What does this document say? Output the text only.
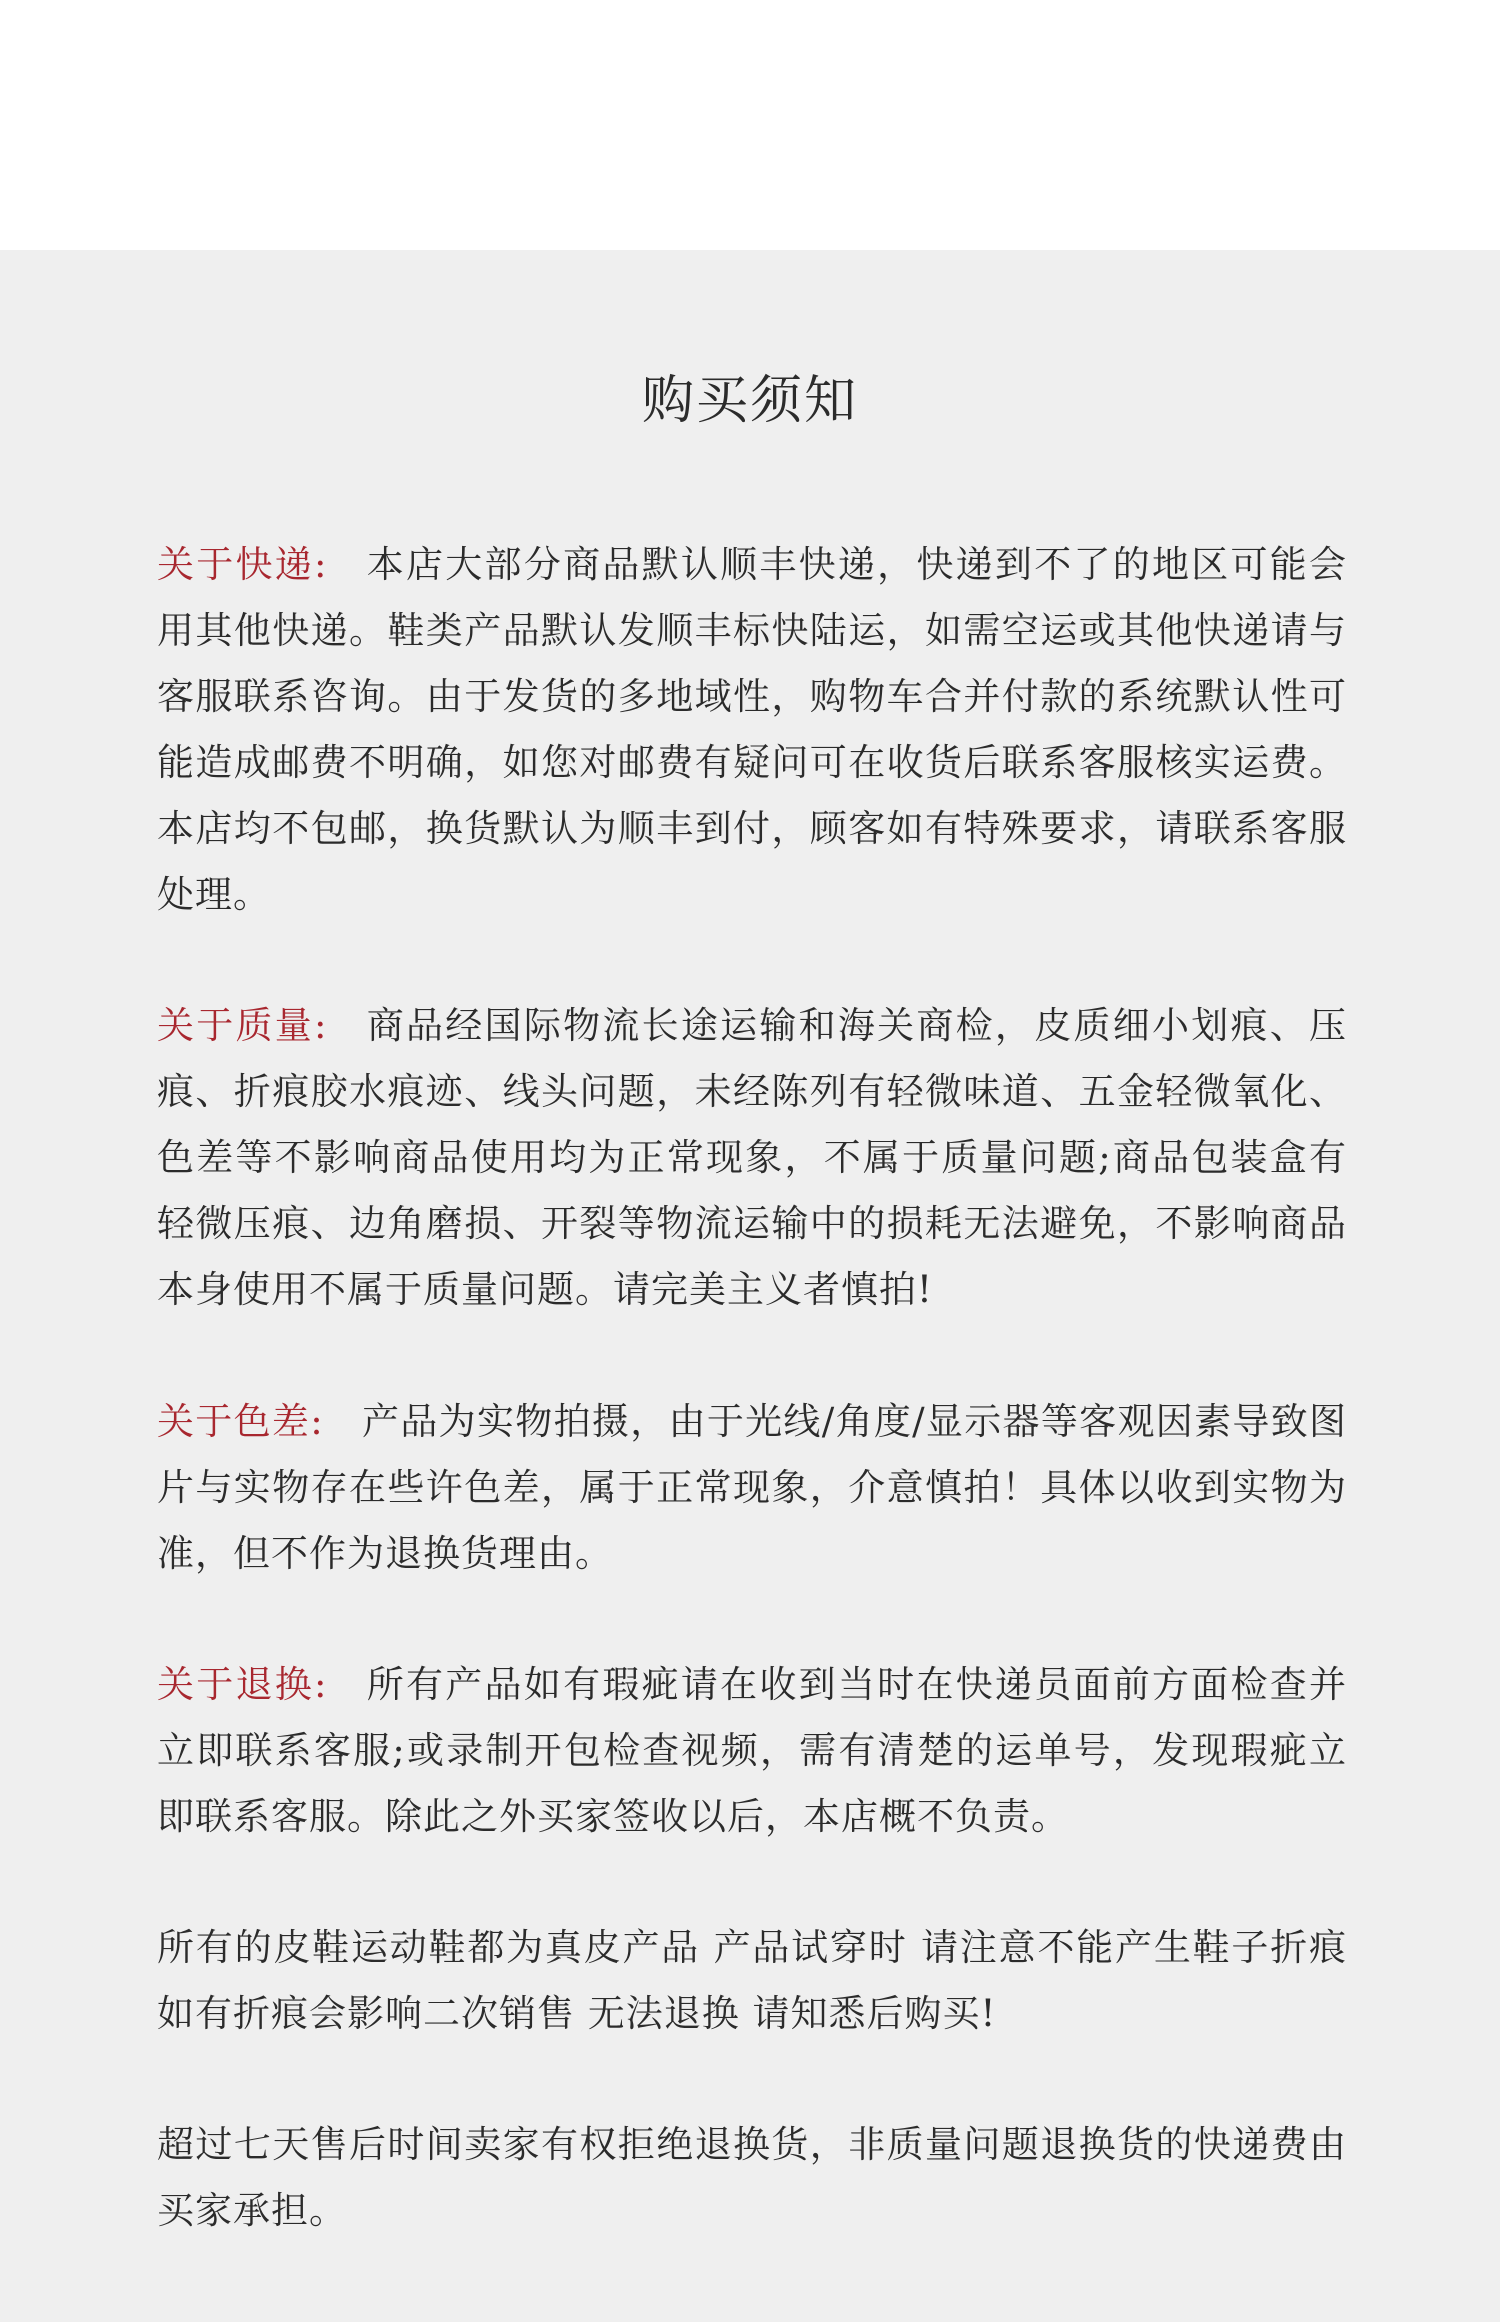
购买须知

关于快递: 本店大部分商品默认顺丰快递，快递到不了的地区可能会用其他快递。鞋类产品默认发顺丰标快陆运，如需空运或其他快递请与客服联系咨询。由于发货的多地域性，购物车合并付款的系统默认性可能造成邮费不明确，如您对邮费有疑问可在收货后联系客服核实运费。本店均不包邮，换货默认为顺丰到付，顾客如有特殊要求，请联系客服处理。

关于质量: 商品经国际物流长途运输和海关商检，皮质细小划痕、压痕、折痕胶水痕迹、线头问题，未经陈列有轻微味道、五金轻微氧化、色差等不影响商品使用均为正常现象，不属于质量问题;商品包装盒有轻微压痕、边角磨损、开裂等物流运输中的损耗无法避免，不影响商品本身使用不属于质量问题。请完美主义者慎拍!

关于色差: 产品为实物拍摄，由于光线/角度/显示器等客观因素导致图片与实物存在些许色差，属于正常现象，介意慎拍！具体以收到实物为准，但不作为退换货理由。

关于退换: 所有产品如有瑕疵请在收到当时在快递员面前方面检查并立即联系客服;或录制开包检查视频，需有清楚的运单号，发现瑕疵立即联系客服。除此之外买家签收以后，本店概不负责。

所有的皮鞋运动鞋都为真皮产品 产品试穿时 请注意不能产生鞋子折痕 如有折痕会影响二次销售 无法退换 请知悉后购买!

超过七天售后时间卖家有权拒绝退换货，非质量问题退换货的快递费由买家承担。
